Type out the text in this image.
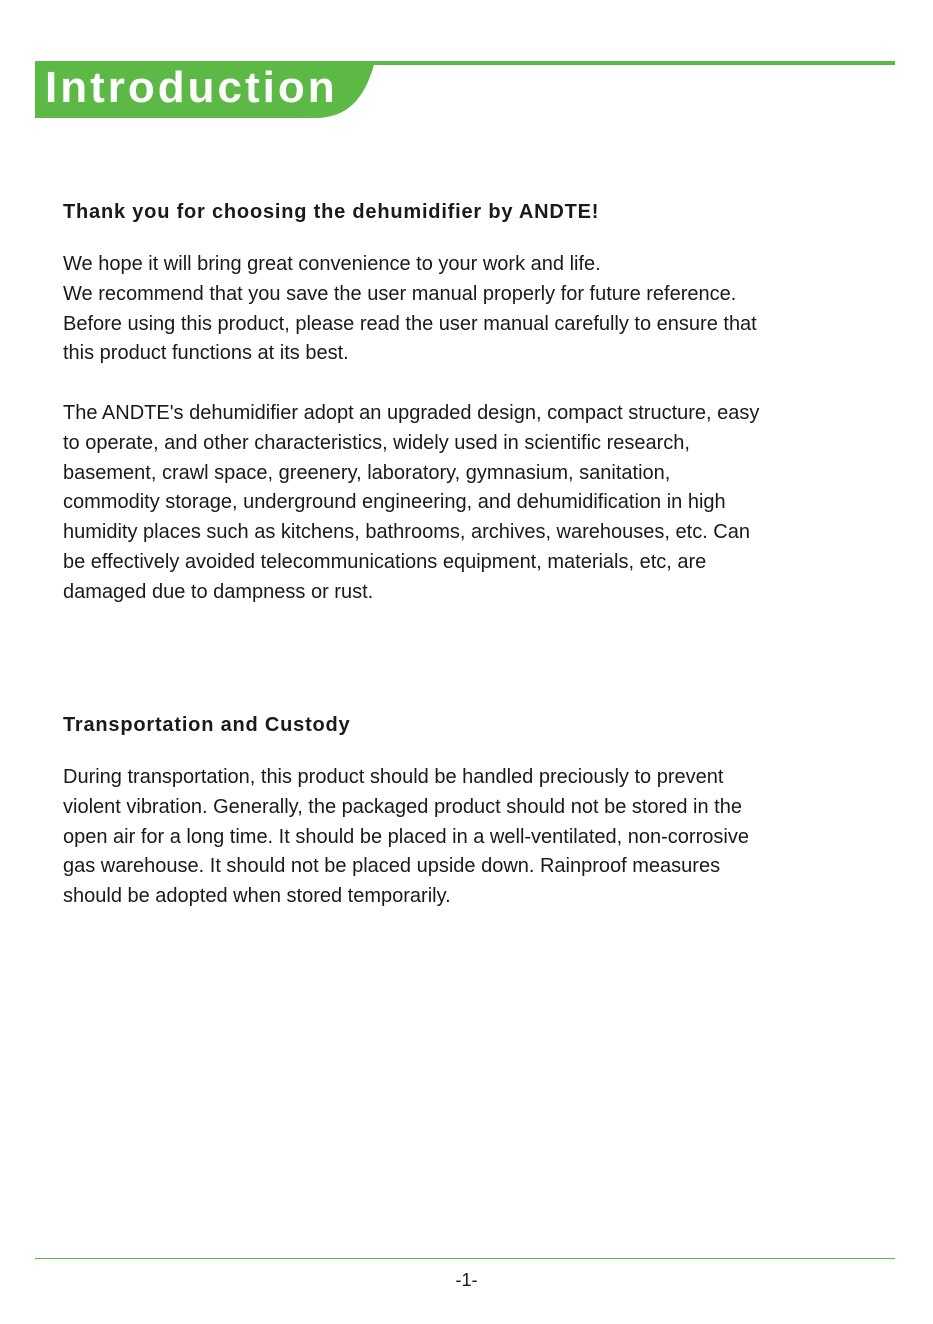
Introduction
Thank you for choosing the dehumidifier by ANDTE!
We hope it will bring great convenience to your work and life.
We recommend that you save the user manual properly for future reference.
Before using this product, please read the user manual carefully to ensure that
this product functions at its best.
The ANDTE's dehumidifier adopt an upgraded design, compact structure, easy
to operate, and other characteristics, widely used in scientific research,
basement, crawl space, greenery, laboratory, gymnasium, sanitation,
commodity storage, underground engineering, and dehumidification in high
humidity places such as kitchens, bathrooms, archives, warehouses, etc. Can
be effectively avoided telecommunications equipment, materials, etc, are
damaged due to dampness or rust.
Transportation and Custody
During transportation, this product should be handled preciously to prevent
violent vibration. Generally, the packaged product should not be stored in the
open air for a long time. It should be placed in a well-ventilated, non-corrosive
gas warehouse. It should not be placed upside down. Rainproof measures
should be adopted when stored temporarily.
-1-
